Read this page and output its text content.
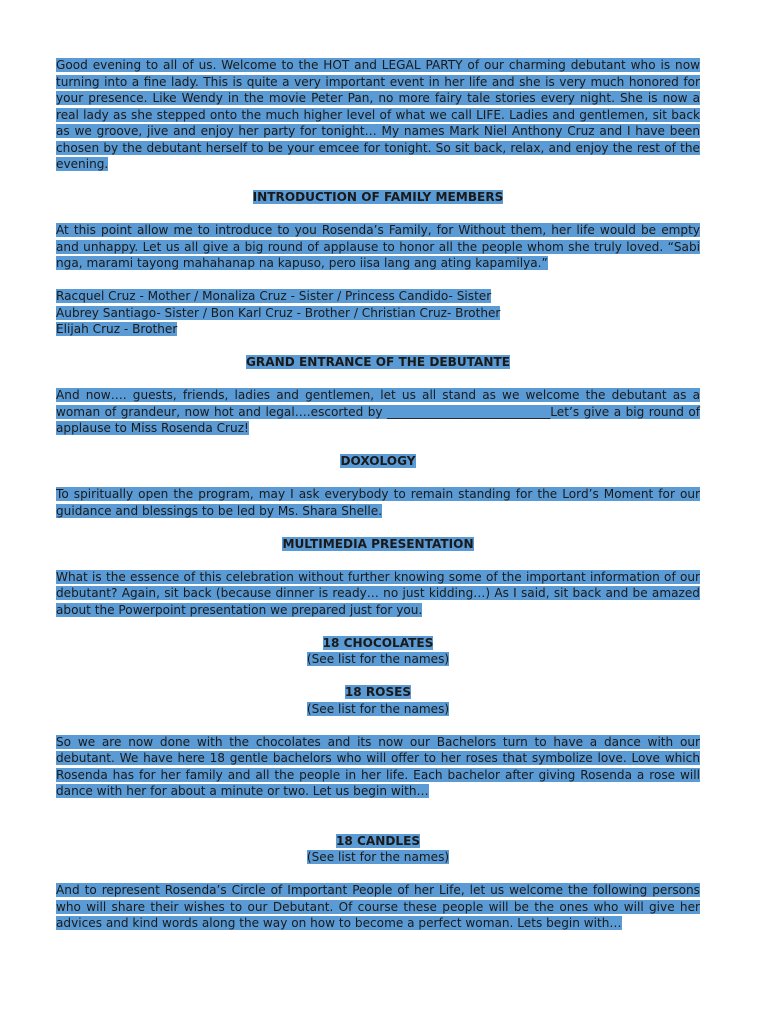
Good evening to all of us. Welcome to the HOT and LEGAL PARTY of our charming debutant who is now turning into a fine lady. This is quite a very important event in her life and she is very much honored for your presence. Like Wendy in the movie Peter Pan, no more fairy tale stories every night. She is now a real lady as she stepped onto the much higher level of what we call LIFE. Ladies and gentlemen, sit back as we groove, jive and enjoy her party for tonight… My names Mark Niel Anthony Cruz and I have been chosen by the debutant herself to be your emcee for tonight. So sit back, relax, and enjoy the rest of the evening.

INTRODUCTION OF FAMILY MEMBERS

At this point allow me to introduce to you Rosenda’s Family, for Without them, her life would be empty and unhappy. Let us all give a big round of applause to honor all the people whom she truly loved. “Sabi nga, marami tayong mahahanap na kapuso, pero iisa lang ang ating kapamilya.”

Racquel Cruz - Mother / Monaliza Cruz - Sister / Princess Candido- Sister
Aubrey Santiago- Sister / Bon Karl Cruz - Brother / Christian Cruz- Brother
Elijah Cruz - Brother
GRAND ENTRANCE OF THE DEBUTANTE

And now…. guests, friends, ladies and gentlemen, let us all stand as we welcome the debutant as a woman of grandeur, now hot and legal….escorted by ___________________________Let’s give a big round of applause to Miss Rosenda Cruz!

DOXOLOGY

To spiritually open the program, may I ask everybody to remain standing for the Lord’s Moment for our guidance and blessings to be led by Ms. Shara Shelle.

MULTIMEDIA PRESENTATION

What is the essence of this celebration without further knowing some of the important information of our debutant? Again, sit back (because dinner is ready… no just kidding…) As I said, sit back and be amazed about the Powerpoint presentation we prepared just for you.

18 CHOCOLATES
(See list for the names)
18 ROSES
(See list for the names)

So we are now done with the chocolates and its now our Bachelors turn to have a dance with our debutant. We have here 18 gentle bachelors who will offer to her roses that symbolize love. Love which Rosenda has for her family and all the people in her life. Each bachelor after giving Rosenda a rose will dance with her for about a minute or two. Let us begin with…

18 CANDLES
(See list for the names)

And to represent Rosenda’s Circle of Important People of her Life, let us welcome the following persons who will share their wishes to our Debutant. Of course these people will be the ones who will give her advices and kind words along the way on how to become a perfect woman. Lets begin with…
